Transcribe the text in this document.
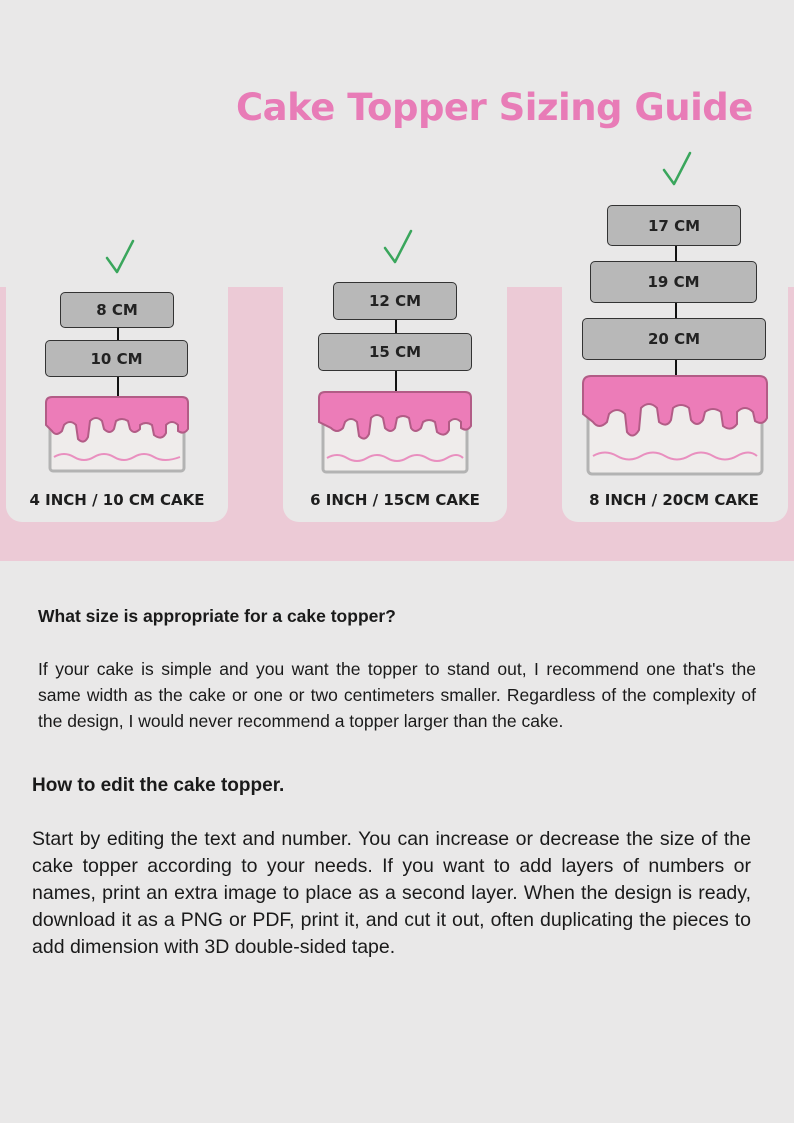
Cake Topper Sizing Guide
8 CM
10 CM
4 INCH / 10 CM CAKE
12 CM
15 CM
6 INCH / 15CM CAKE
17 CM
19 CM
20 CM
8 INCH / 20CM CAKE
What size is appropriate for a cake topper?

If your cake is simple and you want the topper to stand out, I recommend one that's the same width as the cake or one or two centimeters smaller. Regardless of the complexity of the design, I would never recommend a topper larger than the cake.

How to edit the cake topper.

Start by editing the text and number. You can increase or decrease the size of the cake topper according to your needs. If you want to add layers of numbers or names, print an extra image to place as a second layer. When the design is ready, download it as a PNG or PDF, print it, and cut it out, often duplicating the pieces to add dimension with 3D double-sided tape.
